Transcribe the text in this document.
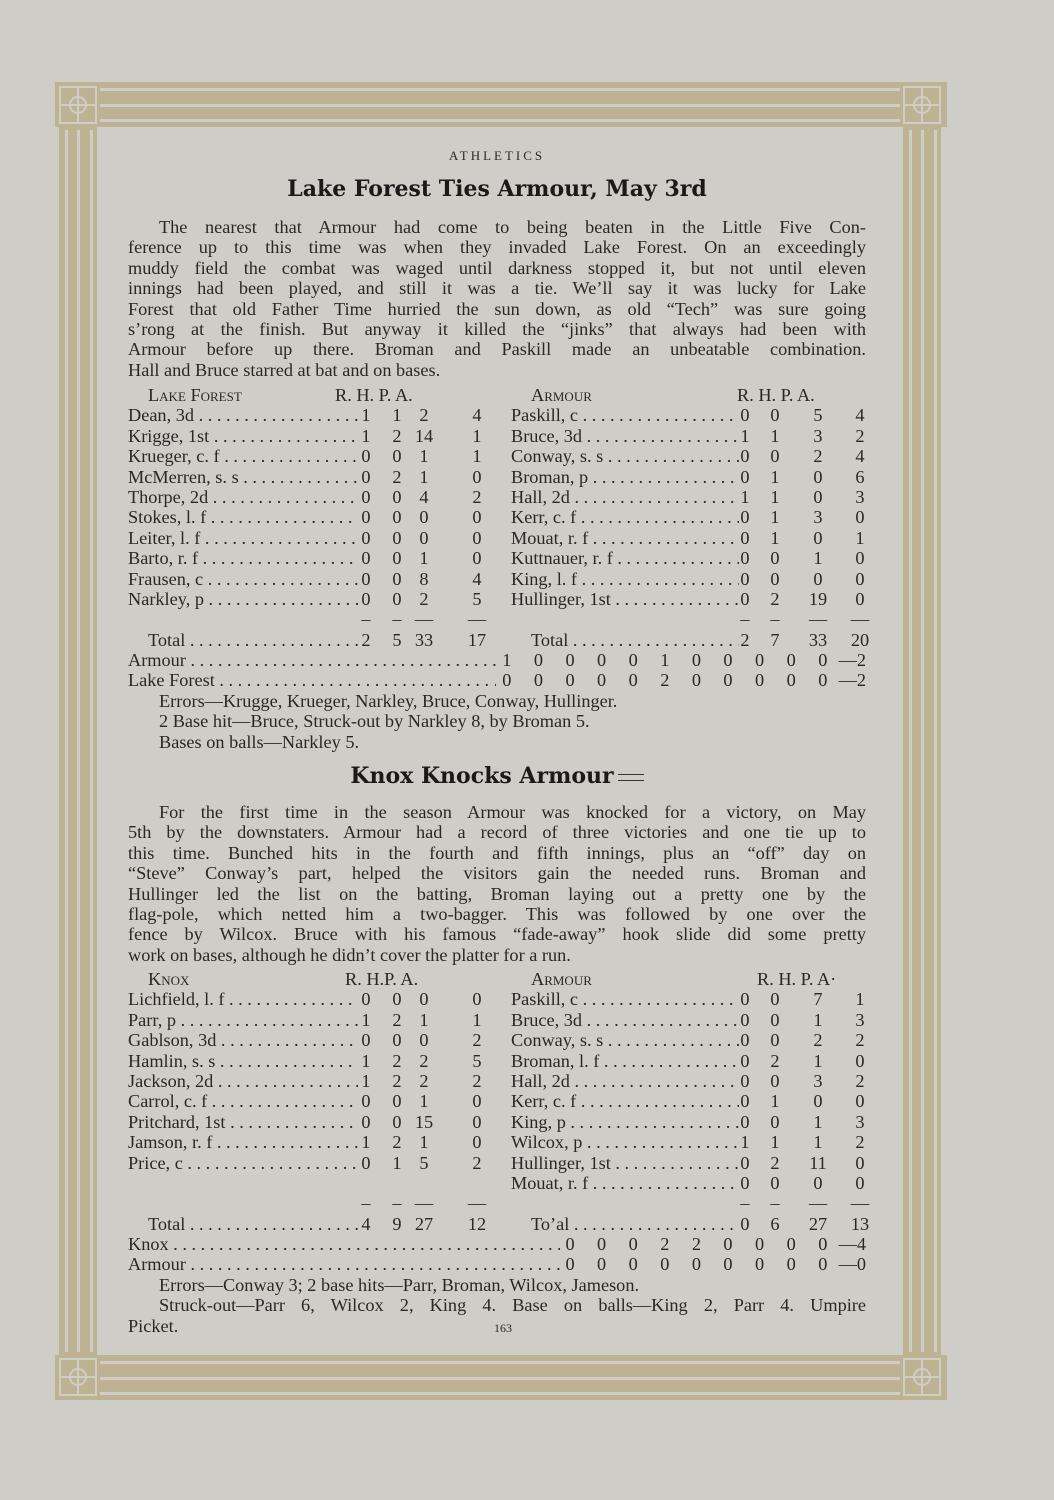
ATHLETICS
Lake Forest Ties Armour, May 3rd
The nearest that Armour had come to being beaten in the Little Five Con-
ference up to this time was when they invaded Lake Forest. On an exceedingly
muddy field the combat was waged until darkness stopped it, but not until eleven
innings had been played, and still it was a tie. We’ll say it was lucky for Lake
Forest that old Father Time hurried the sun down, as old “Tech” was sure going
s’rong at the finish. But anyway it killed the “jinks” that always had been with
Armour before up there. Broman and Paskill made an unbeatable combination.
Hall and Bruce starred at bat and on bases.
Lake Forest	R. H. P. A.	Armour	R. H. P. A.
Dean, 3d . . .	1	1 2	4	Paskill, c . . .	0	0	5	4
Krigge, 1st . . .	1	2 14	1	Bruce, 3d . . .	1	1	3	2
Krueger, c. f . . .	0	0 1	1	Conway, s. s . . .	0	0	2	4
McMerren, s. s . . .	0	2 1	0	Broman, p . . .	0	1	0	6
Thorpe, 2d . . .	0	0 4	2	Hall, 2d . . .	1	1	0	3
Stokes, l. f . . .	0	0 0	0	Kerr, c. f . . .	0	1	3	0
Leiter, l. f . . .	0	0 0	0	Mouat, r. f . . .	0	1	0	1
Barto, r. f . . .	0	0 1	0	Kuttnauer, r. f . . .	0	0	1	0
Frausen, c . . .	0	0 8	4	King, l. f . . .	0	0	0	0
Narkley, p . . .	0	0 2	5	Hullinger, 1st . . .	0	2	19	0
–	– —	—	–	–	—	—
Total . . .	2	5 33	17	Total . . .	2	7	33	20
Armour . . .	1 0 0 0 0 1 0 0 0 0 0 —2
Lake Forest . . .	0 0 0 0 0 2 0 0 0 0 0 —2
Errors—Krugge, Krueger, Narkley, Bruce, Conway, Hullinger.
2 Base hit—Bruce, Struck-out by Narkley 8, by Broman 5.
Bases on balls—Narkley 5.
Knox Knocks Armour
For the first time in the season Armour was knocked for a victory, on May
5th by the downstaters. Armour had a record of three victories and one tie up to
this time. Bunched hits in the fourth and fifth innings, plus an “off” day on
“Steve” Conway’s part, helped the visitors gain the needed runs. Broman and
Hullinger led the list on the batting, Broman laying out a pretty one by the
flag-pole, which netted him a two-bagger. This was followed by one over the
fence by Wilcox. Bruce with his famous “fade-away” hook slide did some pretty
work on bases, although he didn’t cover the platter for a run.
Knox	R. H.P. A.	Armour	R. H. P. A·
Lichfield, l. f . . .	0	0 0	0	Paskill, c . . .	0	0	7	1
Parr, p . . .	1	2 1	1	Bruce, 3d . . .	0	0	1	3
Gablson, 3d . . .	0	0 0	2	Conway, s. s . . .	0	0	2	2
Hamlin, s. s . . .	1	2 2	5	Broman, l. f . . .	0	2	1	0
Jackson, 2d . . .	1	2 2	2	Hall, 2d . . .	0	0	3	2
Carrol, c. f . . .	0	0 1	0	Kerr, c. f . . .	0	1	0	0
Pritchard, 1st . . .	0	0 15	0	King, p . . .	0	0	1	3
Jamson, r. f . . .	1	2 1	0	Wilcox, p . . .	1	1	1	2
Price, c . . .	0	1 5	2	Hullinger, 1st . . .	0	2	11	0
Mouat, r. f . . .	0	0	0	0
–	– —	—	–	–	—	—
Total . . .	4	9 27	12	To’al . . .	0	6	27	13
Knox . . .	0 0 0 2 2 0 0 0 0 —4
Armour . . .	0 0 0 0 0 0 0 0 0 —0
Errors—Conway 3; 2 base hits—Parr, Broman, Wilcox, Jameson.
Struck-out—Parr 6, Wilcox 2, King 4. Base on balls—King 2, Parr 4. Umpire
Picket.	163
